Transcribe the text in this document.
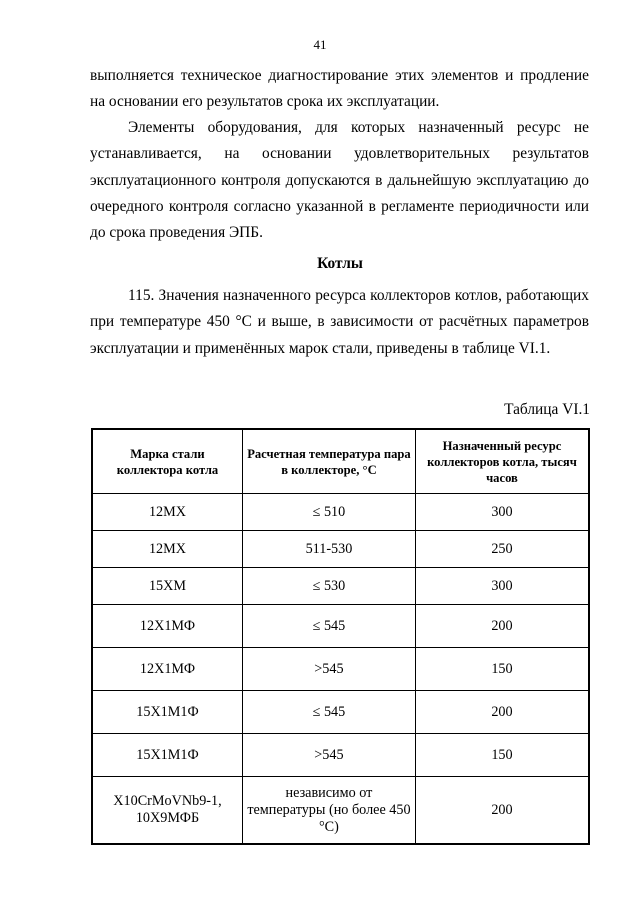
41

выполняется техническое диагностирование этих элементов и продление на основании его результатов срока их эксплуатации.

Элементы оборудования, для которых назначенный ресурс не устанавливается, на основании удовлетворительных результатов эксплуатационного контроля допускаются в дальнейшую эксплуатацию до очередного контроля согласно указанной в регламенте периодичности или до срока проведения ЭПБ.

Котлы

115. Значения назначенного ресурса коллекторов котлов, работающих при температуре 450 °С и выше, в зависимости от расчётных параметров эксплуатации и применённых марок стали, приведены в таблице VI.1.

Таблица VI.1
Марка стали коллектора котла	Расчетная температура пара в коллекторе, °С	Назначенный ресурс коллекторов котла, тысяч часов
12МХ	≤ 510	300
12МХ	511-530	250
15ХМ	≤ 530	300
12Х1МФ	≤ 545	200
12Х1МФ	>545	150
15Х1М1Ф	≤ 545	200
15Х1М1Ф	>545	150
X10CrMoVNb9-1, 10Х9МФБ	независимо от температуры (но более 450 °С)	200
